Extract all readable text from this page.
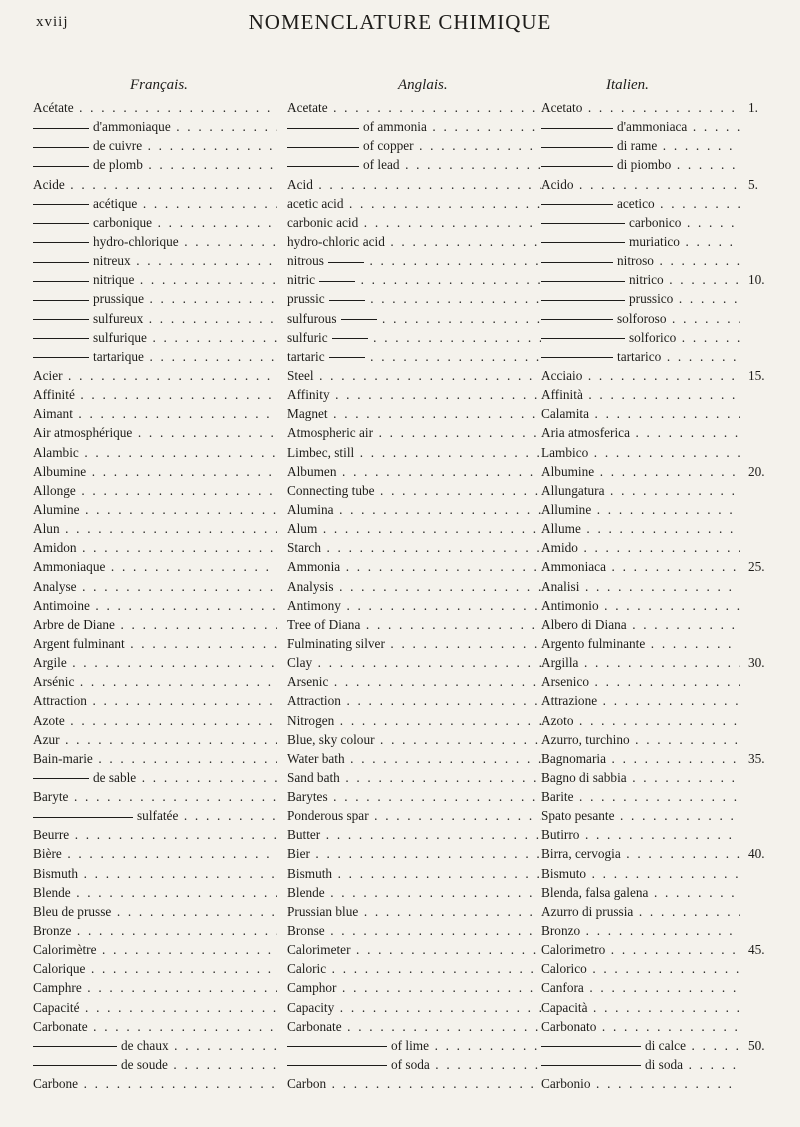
xviij	NOMENCLATURE CHIMIQUE
Français.	Anglais.	Italien.
Acétate . . .	Acetate . . .	Acetato . . .	1.
d'ammoniaque . . .	of ammonia . . .	d'ammoniaca . . .
de cuivre . . .	of copper . . .	di rame . . .
de plomb . . .	of lead . . .	di piombo . . .
Acide . . .	Acid . . .	Acido . . .	5.
acétique . . .	acetic acid . . .	acetico . . .
carbonique . . .	carbonic acid . . .	carbonico . . .
hydro-chlorique . . .	hydro-chloric acid . . .	muriatico . . .
nitreux . . .	nitrous . . .	nitroso . . .
nitrique . . .	nitric . . .	nitrico . . .	10.
prussique . . .	prussic . . .	prussico . . .
sulfureux . . .	sulfurous . . .	solforoso . . .
sulfurique . . .	sulfuric . . .	solforico . . .
tartarique . . .	tartaric . . .	tartarico . . .
Acier . . .	Steel . . .	Acciaio . . .	15.
Affinité . . .	Affinity . . .	Affinità . . .
Aimant . . .	Magnet . . .	Calamita . . .
Air atmosphérique . . .	Atmospheric air . . .	Aria atmosferica . . .
Alambic . . .	Limbec, still . . .	Lambico . . .
Albumine . . .	Albumen . . .	Albumine . . .	20.
Allonge . . .	Connecting tube . . .	Allungatura . . .
Alumine . . .	Alumina . . .	Allumine . . .
Alun . . .	Alum . . .	Allume . . .
Amidon . . .	Starch . . .	Amido . . .
Ammoniaque . . .	Ammonia . . .	Ammoniaca . . .	25.
Analyse . . .	Analysis . . .	Analisi . . .
Antimoine . . .	Antimony . . .	Antimonio . . .
Arbre de Diane . . .	Tree of Diana . . .	Albero di Diana . . .
Argent fulminant . . .	Fulminating silver . . .	Argento fulminante . . .
Argile . . .	Clay . . .	Argilla . . .	30.
Arsénic . . .	Arsenic . . .	Arsenico . . .
Attraction . . .	Attraction . . .	Attrazione . . .
Azote . . .	Nitrogen . . .	Azoto . . .
Azur . . .	Blue, sky colour . . .	Azurro, turchino . . .
Bain-marie . . .	Water bath . . .	Bagnomaria . . .	35.
de sable . . .	Sand bath . . .	Bagno di sabbia . . .
Baryte . . .	Barytes . . .	Barite . . .
sulfatée . . .	Ponderous spar . . .	Spato pesante . . .
Beurre . . .	Butter . . .	Butirro . . .
Bière . . .	Bier . . .	Birra, cervogia . . .	40.
Bismuth . . .	Bismuth . . .	Bismuto . . .
Blende . . .	Blende . . .	Blenda, falsa galena . . .
Bleu de prusse . . .	Prussian blue . . .	Azurro di prussia . . .
Bronze . . .	Bronse . . .	Bronzo . . .
Calorimètre . . .	Calorimeter . . .	Calorimetro . . .	45.
Calorique . . .	Caloric . . .	Calorico . . .
Camphre . . .	Camphor . . .	Canfora . . .
Capacité . . .	Capacity . . .	Capacità . . .
Carbonate . . .	Carbonate . . .	Carbonato . . .
de chaux . . .	of lime . . .	di calce . . .	50.
de soude . . .	of soda . . .	di soda . . .
Carbone . . .	Carbon . . .	Carbonio . . .
